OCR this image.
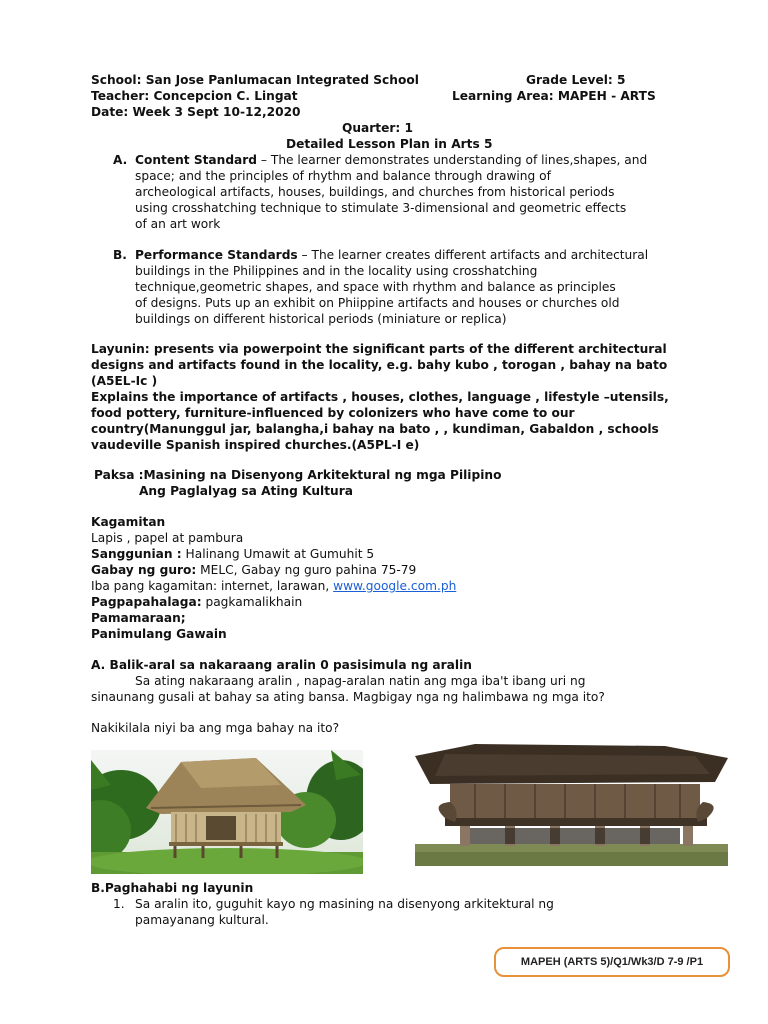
School: San Jose Panlumacan Integrated School	Grade Level: 5
Teacher: Concepcion C. Lingat	Learning Area: MAPEH - ARTS
Date: Week 3 Sept 10-12,2020
Quarter: 1
Detailed Lesson Plan in Arts 5
A. Content Standard – The learner demonstrates understanding of lines,shapes, and
space; and the principles of rhythm and balance through drawing of
archeological artifacts, houses, buildings, and churches from historical periods
using crosshatching technique to stimulate 3-dimensional and geometric effects
of an art work
B. Performance Standards – The learner creates different artifacts and architectural
buildings in the Philippines and in the locality using crosshatching
technique,geometric shapes, and space with rhythm and balance as principles
of designs. Puts up an exhibit on Phiippine artifacts and houses or churches old
buildings on different historical periods (miniature or replica)
Layunin: presents via powerpoint the significant parts of the different architectural
designs and artifacts found in the locality, e.g. bahy kubo , torogan , bahay na bato
(A5EL-Ic )
Explains the importance of artifacts , houses, clothes, language , lifestyle –utensils,
food pottery, furniture-influenced by colonizers who have come to our
country(Manunggul jar, balangha,i bahay na bato , , kundiman, Gabaldon , schools
vaudeville Spanish inspired churches.(A5PL-I e)
Paksa :Masining na Disenyong Arkitektural ng mga Pilipino
Ang Paglalyag sa Ating Kultura
Kagamitan
Lapis , papel at pambura
Sanggunian : Halinang Umawit at Gumuhit 5
Gabay ng guro: MELC, Gabay ng guro pahina 75-79
Iba pang kagamitan: internet, larawan, www.google.com.ph
Pagpapahalaga: pagkamalikhain
Pamamaraan;
Panimulang Gawain
A. Balik-aral sa nakaraang aralin 0 pasisimula ng aralin
Sa ating nakaraang aralin , napag-aralan natin ang mga iba't ibang uri ng
sinaunang gusali at bahay sa ating bansa. Magbigay nga ng halimbawa ng mga ito?
Nakikilala niyi ba ang mga bahay na ito?
B.Paghahabi ng layunin
1. Sa aralin ito, guguhit kayo ng masining na disenyong arkitektural ng
pamayanang kultural.
MAPEH (ARTS 5)/Q1/Wk3/D 7-9 /P1
